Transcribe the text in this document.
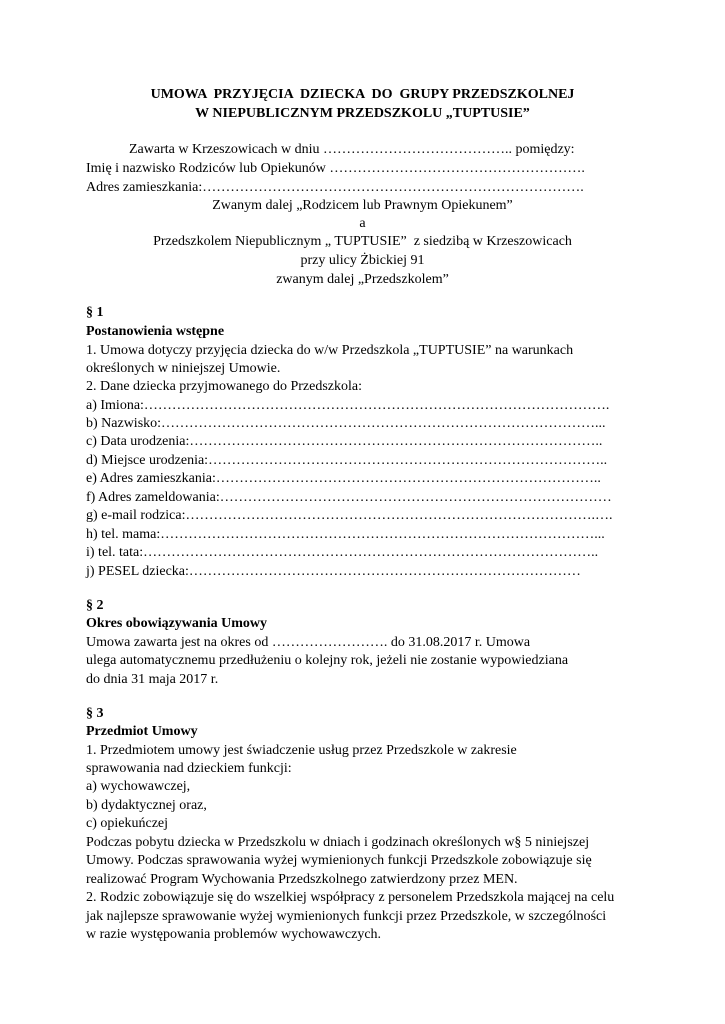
UMOWA  PRZYJĘCIA  DZIECKA  DO  GRUPY PRZEDSZKOLNEJ
W NIEPUBLICZNYM PRZEDSZKOLU „TUPTUSIE”
Zawarta w Krzeszowicach w dniu ………………………………….. pomiędzy:
Imię i nazwisko Rodziców lub Opiekunów ……………………………………………….
Adres zamieszkania:……………………………………………………………………….
Zwanym dalej „Rodzicem lub Prawnym Opiekunem”
a
Przedszkolem Niepublicznym „ TUPTUSIE”  z siedzibą w Krzeszowicach
przy ulicy Żbickiej 91
zwanym dalej „Przedszkolem”
§ 1
Postanowienia wstępne
1. Umowa dotyczy przyjęcia dziecka do w/w Przedszkola „TUPTUSIE” na warunkach
określonych w niniejszej Umowie.
2. Dane dziecka przyjmowanego do Przedszkola:
a) Imiona:……………………………………………………………………………………….
b) Nazwisko:…………………………………………………………………………………...
c) Data urodzenia:……………………………………………………………………………..
d) Miejsce urodzenia:…………………………………………………………………………..
e) Adres zamieszkania:………………………………………………………………………..
f) Adres zameldowania:…………………………………………………………………………
g) e-mail rodzica:…………………………………………………………………………….….
h) tel. mama:…………………………………………………………………………………...
i) tel. tata:……………………………………………………………………………………..
j) PESEL dziecka:…………………………………………………………………………
§ 2
Okres obowiązywania Umowy
Umowa zawarta jest na okres od ……………………. do 31.08.2017 r. Umowa
ulega automatycznemu przedłużeniu o kolejny rok, jeżeli nie zostanie wypowiedziana
do dnia 31 maja 2017 r.
§ 3
Przedmiot Umowy
1. Przedmiotem umowy jest świadczenie usług przez Przedszkole w zakresie
sprawowania nad dzieckiem funkcji:
a) wychowawczej,
b) dydaktycznej oraz,
c) opiekuńczej
Podczas pobytu dziecka w Przedszkolu w dniach i godzinach określonych w§ 5 niniejszej
Umowy. Podczas sprawowania wyżej wymienionych funkcji Przedszkole zobowiązuje się
realizować Program Wychowania Przedszkolnego zatwierdzony przez MEN.
2. Rodzic zobowiązuje się do wszelkiej współpracy z personelem Przedszkola mającej na celu
jak najlepsze sprawowanie wyżej wymienionych funkcji przez Przedszkole, w szczególności
w razie występowania problemów wychowawczych.
